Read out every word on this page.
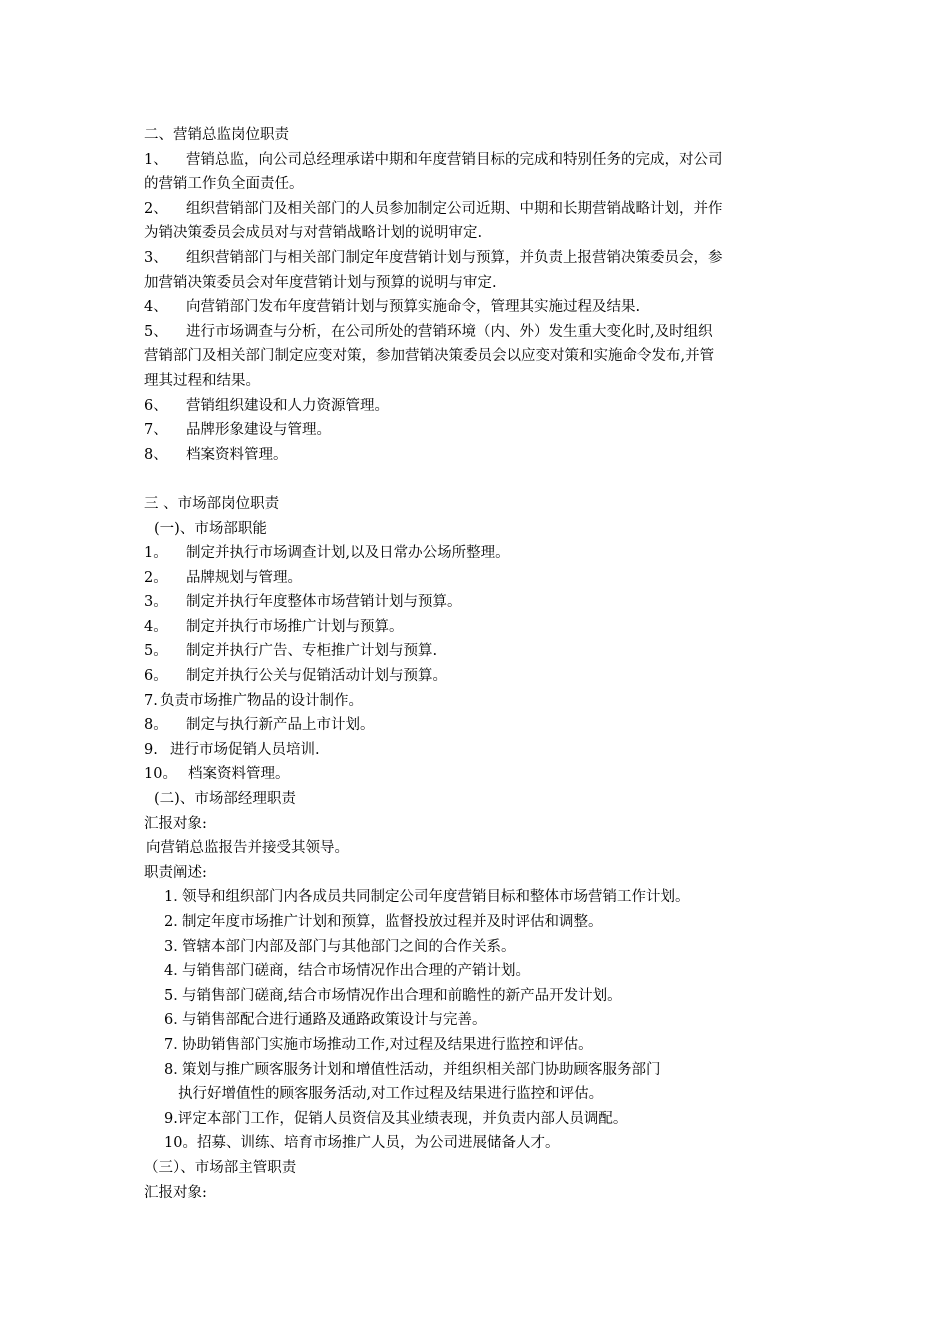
二、营销总监岗位职责
1、 营销总监，向公司总经理承诺中期和年度营销目标的完成和特别任务的完成，对公司
的营销工作负全面责任。
2、 组织营销部门及相关部门的人员参加制定公司近期、中期和长期营销战略计划，并作
为销决策委员会成员对与对营销战略计划的说明审定.
3、 组织营销部门与相关部门制定年度营销计划与预算，并负责上报营销决策委员会，参
加营销决策委员会对年度营销计划与预算的说明与审定.
4、 向营销部门发布年度营销计划与预算实施命令，管理其实施过程及结果.
5、 进行市场调查与分析，在公司所处的营销环境（内、外）发生重大变化时,及时组织
营销部门及相关部门制定应变对策，参加营销决策委员会以应变对策和实施命令发布,并管
理其过程和结果。
6、 营销组织建设和人力资源管理。
7、 品牌形象建设与管理。
8、 档案资料管理。
三 、市场部岗位职责
(一)、市场部职能
1。 制定并执行市场调查计划,以及日常办公场所整理。
2。 品牌规划与管理。
3。 制定并执行年度整体市场营销计划与预算。
4。 制定并执行市场推广计划与预算。
5。 制定并执行广告、专柜推广计划与预算.
6。 制定并执行公关与促销活动计划与预算。
7. 负责市场推广物品的设计制作。
8。 制定与执行新产品上市计划。
9. 进行市场促销人员培训.
10。 档案资料管理。
(二)、市场部经理职责
汇报对象:
向营销总监报告并接受其领导。
职责阐述:
1．领导和组织部门内各成员共同制定公司年度营销目标和整体市场营销工作计划。
2．制定年度市场推广计划和预算，监督投放过程并及时评估和调整。
3．管辖本部门内部及部门与其他部门之间的合作关系。
4．与销售部门磋商，结合市场情况作出合理的产销计划。
5．与销售部门磋商,结合市场情况作出合理和前瞻性的新产品开发计划。
6．与销售部配合进行通路及通路政策设计与完善。
7．协助销售部门实施市场推动工作,对过程及结果进行监控和评估。
8．策划与推广顾客服务计划和增值性活动，并组织相关部门协助顾客服务部门
执行好增值性的顾客服务活动,对工作过程及结果进行监控和评估。
9.评定本部门工作，促销人员资信及其业绩表现，并负责内部人员调配。
10。招募、训练、培育市场推广人员，为公司进展储备人才。
（三）、市场部主管职责
汇报对象:
